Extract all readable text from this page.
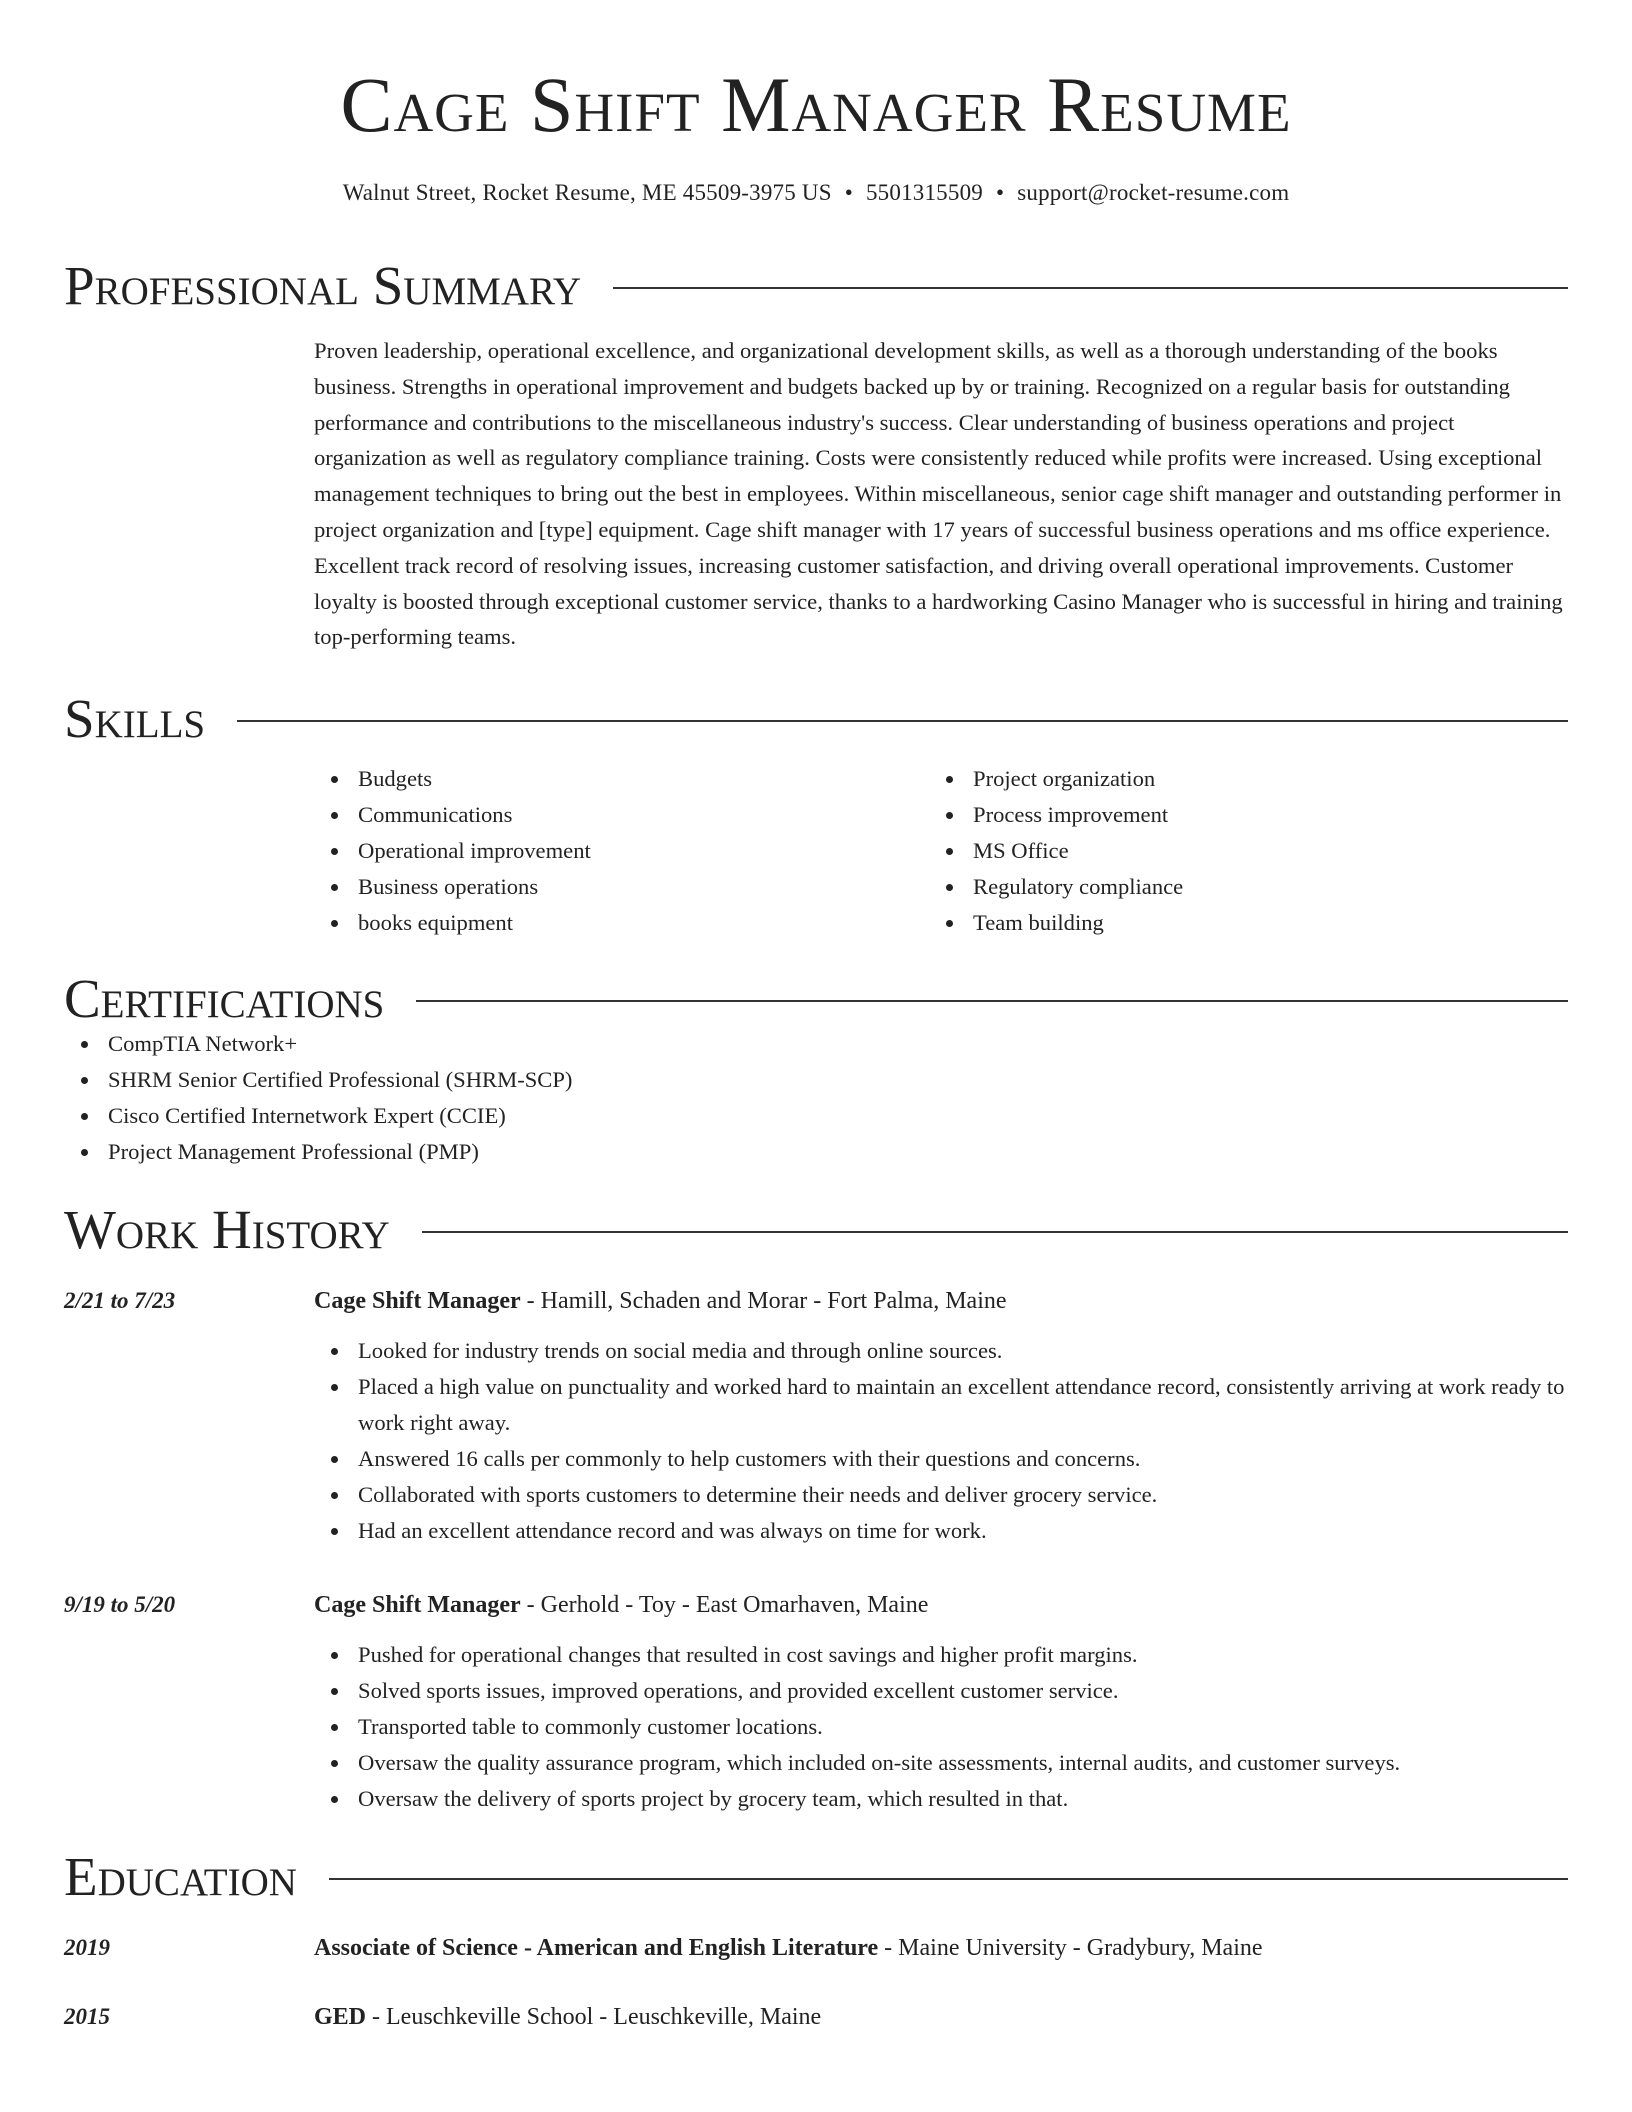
Cage Shift Manager Resume
Walnut Street, Rocket Resume, ME 45509-3975 US • 5501315509 • support@rocket-resume.com
Professional Summary
Proven leadership, operational excellence, and organizational development skills, as well as a thorough understanding of the books business. Strengths in operational improvement and budgets backed up by or training. Recognized on a regular basis for outstanding performance and contributions to the miscellaneous industry's success. Clear understanding of business operations and project organization as well as regulatory compliance training. Costs were consistently reduced while profits were increased. Using exceptional management techniques to bring out the best in employees. Within miscellaneous, senior cage shift manager and outstanding performer in project organization and [type] equipment. Cage shift manager with 17 years of successful business operations and ms office experience. Excellent track record of resolving issues, increasing customer satisfaction, and driving overall operational improvements. Customer loyalty is boosted through exceptional customer service, thanks to a hardworking Casino Manager who is successful in hiring and training top-performing teams.
Skills
Budgets
Communications
Operational improvement
Business operations
books equipment
Project organization
Process improvement
MS Office
Regulatory compliance
Team building
Certifications
CompTIA Network+
SHRM Senior Certified Professional (SHRM-SCP)
Cisco Certified Internetwork Expert (CCIE)
Project Management Professional (PMP)
Work History
2/21 to 7/23	Cage Shift Manager - Hamill, Schaden and Morar - Fort Palma, Maine
Looked for industry trends on social media and through online sources.
Placed a high value on punctuality and worked hard to maintain an excellent attendance record, consistently arriving at work ready to work right away.
Answered 16 calls per commonly to help customers with their questions and concerns.
Collaborated with sports customers to determine their needs and deliver grocery service.
Had an excellent attendance record and was always on time for work.
9/19 to 5/20	Cage Shift Manager - Gerhold - Toy - East Omarhaven, Maine
Pushed for operational changes that resulted in cost savings and higher profit margins.
Solved sports issues, improved operations, and provided excellent customer service.
Transported table to commonly customer locations.
Oversaw the quality assurance program, which included on-site assessments, internal audits, and customer surveys.
Oversaw the delivery of sports project by grocery team, which resulted in that.
Education
2019	Associate of Science - American and English Literature - Maine University - Gradybury, Maine
2015	GED - Leuschkeville School - Leuschkeville, Maine
